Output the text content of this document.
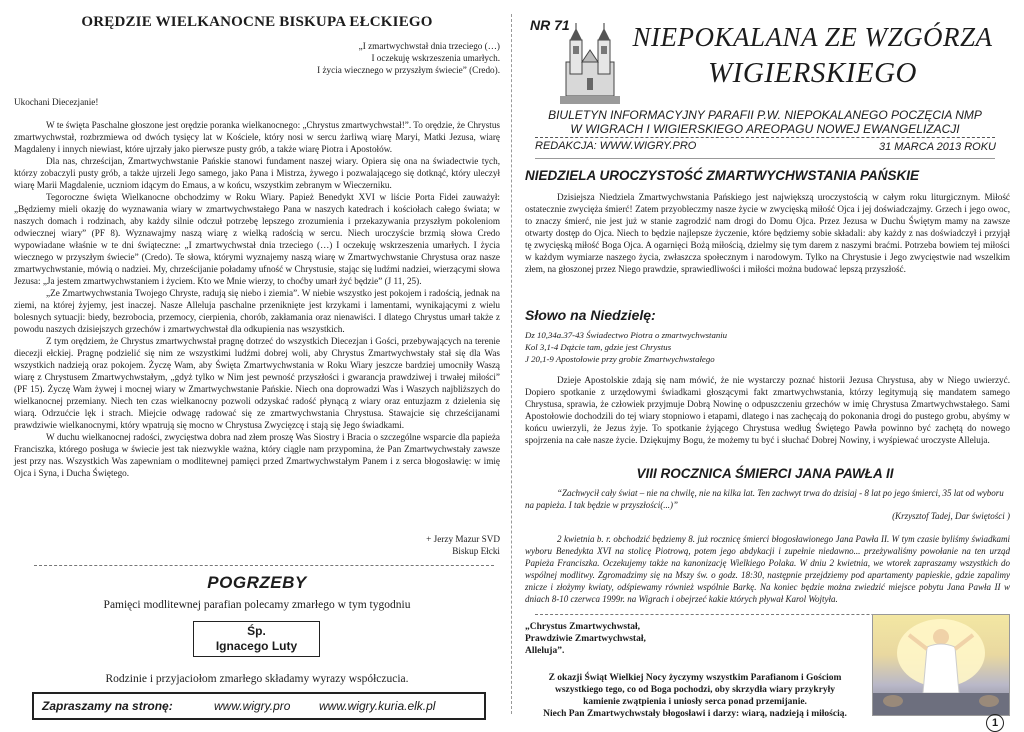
ORĘDZIE WIELKANOCNE BISKUPA EŁCKIEGO
„I zmartwychwstał dnia trzeciego (…)
I oczekuję wskrzeszenia umarłych.
I życia wiecznego w przyszłym świecie” (Credo).
Ukochani Diecezjanie!

W te święta Paschalne głoszone jest orędzie poranka wielkanocnego: „Chrystus zmartwychwstał!”. To orędzie, że Chrystus zmartwychwstał, rozbrzmiewa od dwóch tysięcy lat w Kościele, który nosi w sercu żarliwą wiarę Maryi, Matki Jezusa, wiarę Magdaleny i innych niewiast, które ujrzały jako pierwsze pusty grób, a także wiarę Piotra i Apostołów.

Dla nas, chrześcijan, Zmartwychwstanie Pańskie stanowi fundament naszej wiary. Opiera się ona na świadectwie tych, którzy zobaczyli pusty grób, a także ujrzeli Jego samego, jako Pana i Mistrza, żywego i pozwalającego się dotknąć, który uleczył wiarę Marii Magdalenie, uczniom idącym do Emaus, a w końcu, wszystkim zebranym w Wieczerniku.

Tegoroczne święta Wielkanocne obchodzimy w Roku Wiary. Papież Benedykt XVI w liście Porta Fidei zauważył: „Będziemy mieli okazję do wyznawania wiary w zmartwychwstałego Pana w naszych katedrach i kościołach całego świata; w naszych domach i rodzinach, aby każdy silnie odczuł potrzebę lepszego zrozumienia i przekazywania przyszłym pokoleniom odwiecznej wiary” (PF 8). Wyznawajmy naszą wiarę z wielką radością w sercu. Niech uroczyście brzmią słowa Credo wypowiadane właśnie w te dni świąteczne: „I zmartwychwstał dnia trzeciego (…) I oczekuję wskrzeszenia umarłych. I życia wiecznego w przyszłym świecie” (Credo). Te słowa, którymi wyznajemy naszą wiarę w Zmartwychwstanie Chrystusa oraz nasze zmartwychwstanie, mówią o nadziei. My, chrześcijanie poładamy ufność w Chrystusie, stając się ludźmi nadziei, wierzącymi słowa Jezusa: „Ja jestem zmartwychwstaniem i życiem. Kto we Mnie wierzy, to choćby umarł żyć będzie” (J 11, 25).

„Ze Zmartwychwstania Twojego Chryste, radują się niebo i ziemia”. W niebie wszystko jest pokojem i radością, jednak na ziemi, na której żyjemy, jest inaczej. Nasze Alleluja paschalne przeniknięte jest krzykami i lamentami, wynikającymi z wielu bolesnych sytuacji: biedy, bezrobocia, przemocy, cierpienia, chorób, zakłamania oraz nienawiści. I dlatego Chrystus umarł także z powodu naszych dzisiejszych grzechów i zmartwychwstał dla odkupienia nas wszystkich.

Z tym orędziem, że Chrystus zmartwychwstał pragnę dotrzeć do wszystkich Diecezjan i Gości, przebywających na terenie diecezji ełckiej. Pragnę podzielić się nim ze wszystkimi ludźmi dobrej woli, aby Chrystus Zmartwychwstały stał się dla Was wszystkich nadzieją oraz pokojem. Życzę Wam, aby Święta Zmartwychwstania w Roku Wiary jeszcze bardziej umocniły Waszą wiarę z Chrystusem Zmartwychwstałym, „gdyż tylko w Nim jest pewność przyszłości i gwarancja prawdziwej i trwałej miłości” (PF 15). Życzę Wam żywej i mocnej wiary w Zmartwychwstanie Pańskie. Niech ona doprowadzi Was i Waszych najbliższych do wielkanocnej przemiany. Niech ten czas wielkanocny pozwoli odzyskać radość płynącą z wiary oraz entuzjazm z dzielenia się wiarą. Odrzućcie lęk i strach. Miejcie odwagę radować się ze zmartwychwstania Chrystusa. Stawajcie się chrześcijanami prawdziwie wielkanocnymi, który wpatrują się mocno w Chrystusa Zwycięzcę i stają się Jego świadkami.

W duchu wielkanocnej radości, zwycięstwa dobra nad złem proszę Was Siostry i Bracia o szczególne wsparcie dla papieża Franciszka, którego posługa w świecie jest tak niezwykle ważna, który ciągle nam przypomina, że Pan Zmartwychwstały zawsze jest przy nas. Wszystkich Was zapewniam o modlitewnej pamięci przed Zmartwychwstałym Panem i z serca błogosławię: w imię Ojca i Syna, i Ducha Świętego.

+ Jerzy Mazur SVD
Biskup Ełcki
POGRZEBY
Pamięci modlitewnej parafian polecamy zmarłego w tym tygodniu
Śp.
Ignacego Luty
Rodzinie i przyjaciołom zmarłego składamy wyrazy współczucia.
Zapraszamy na stronę:	www.wigry.pro www.wigry.kuria.elk.pl
NR 71	NIEPOKALANA ZE WZGÓRZA
WIGIERSKIEGO
BIULETYN INFORMACYJNY PARAFII P.W. NIEPOKALANEGO POCZĘCIA NMP
W WIGRACH I WIGIERSKIEGO AREOPAGU NOWEJ EWANGELIZACJI
REDAKCJA: WWW.WIGRY.PRO	31 MARCA 2013 ROKU
NIEDZIELA UROCZYSTOŚĆ ZMARTWYCHWSTANIA PAŃSKIE

Dzisiejsza Niedziela Zmartwychwstania Pańskiego jest największą uroczystością w całym roku liturgicznym. Miłość ostatecznie zwycięża śmierć! Zatem przyobleczmy nasze życie w zwycięską miłość Ojca i jej doświadczajmy. Grzech i jego owoc, to znaczy śmierć, nie jest już w stanie zagrodzić nam drogi do Domu Ojca. Przez Jezusa w Duchu Świętym mamy na zawsze otwarty dostęp do Ojca. Niech to będzie najlepsze życzenie, które będziemy sobie składali: aby każdy z nas doświadczył i przyjął tę zwycięską miłość Boga Ojca. A ogarnięci Bożą miłością, dzielmy się tym darem z naszymi braćmi. Potrzeba bowiem tej miłości w każdym wymiarze naszego życia, zwłaszcza społecznym i narodowym. Tylko na Chrystusie i Jego zwycięstwie nad wszelkim złem, na głoszonej przez Niego prawdzie, sprawiedliwości i miłości można budować lepszą przyszłość.

Słowo na Niedzielę:
Dz 10,34a.37-43 Świadectwo Piotra o zmartwychwstaniu
Kol 3,1-4 Dążcie tam, gdzie jest Chrystus
J 20,1-9 Apostołowie przy grobie Zmartwychwstałego

Dzieje Apostolskie zdają się nam mówić, że nie wystarczy poznać historii Jezusa Chrystusa, aby w Niego uwierzyć. Dopiero spotkanie z urzędowymi świadkami głoszącymi fakt zmartwychwstania, którzy legitymują się mandatem samego Chrystusa, sprawia, że człowiek przyjmuje Dobrą Nowinę o odpuszczeniu grzechów w imię Chrystusa Zmartwychwstałego. Sami Apostołowie dochodzili do tej wiary stopniowo i etapami, dlatego i nas zachęcają do pokonania drogi do pustego grobu, abyśmy w końcu uwierzyli, że Jezus żyje. To spotkanie żyjącego Chrystusa według Świętego Pawła powinno być zachętą do nowego spojrzenia na całe nasze życie. Dziękujmy Bogu, że możemy tu być i słuchać Dobrej Nowiny, i wyśpiewać uroczyste Alleluja.

VIII ROCZNICA ŚMIERCI JANA PAWŁA II

“Zachwycił cały świat – nie na chwilę, nie na kilka lat. Ten zachwyt trwa do dzisiaj - 8 lat po jego śmierci, 35 lat od wyboru na papieża. I tak będzie w przyszłości(...)”

(Krzysztof Tadej, Dar świętości )

2 kwietnia b. r. obchodzić będziemy 8. już rocznicę śmierci błogosławionego Jana Pawła II. W tym czasie byliśmy świadkami wyboru Benedykta XVI na stolicę Piotrową, potem jego abdykacji i zupełnie niedawno... przeżywaliśmy powołanie na ten urząd Papieża Franciszka. Oczekujemy także na kanonizację Wielkiego Polaka. W dniu 2 kwietnia, we wtorek zapraszamy wszystkich do wspólnej modlitwy. Zgromadzimy się na Mszy św. o godz. 18:30, następnie przejdziemy pod apartamenty papieskie, gdzie zapalimy znicze i złożymy kwiaty, odśpiewamy również wspólnie Barkę. Na koniec będzie można zwiedzić miejsce pobytu Jana Pawła II w dniach 8-10 czerwca 1999r. na Wigrach i obejrzeć kakie których pływał Karol Wojtyła.

„Chrystus Zmartwychwstał,
Prawdziwie Zmartwychwstał,
Alleluja”.
Z okazji Świąt Wielkiej Nocy życzymy wszystkim Parafianom i Gościom
wszystkiego tego, co od Boga pochodzi, oby skrzydła wiary przykryły
kamienie zwątpienia i uniosły serca ponad przemijanie.
Niech Pan Zmartwychwstały błogosławi i darzy: wiarą, nadzieją i miłością.
1
